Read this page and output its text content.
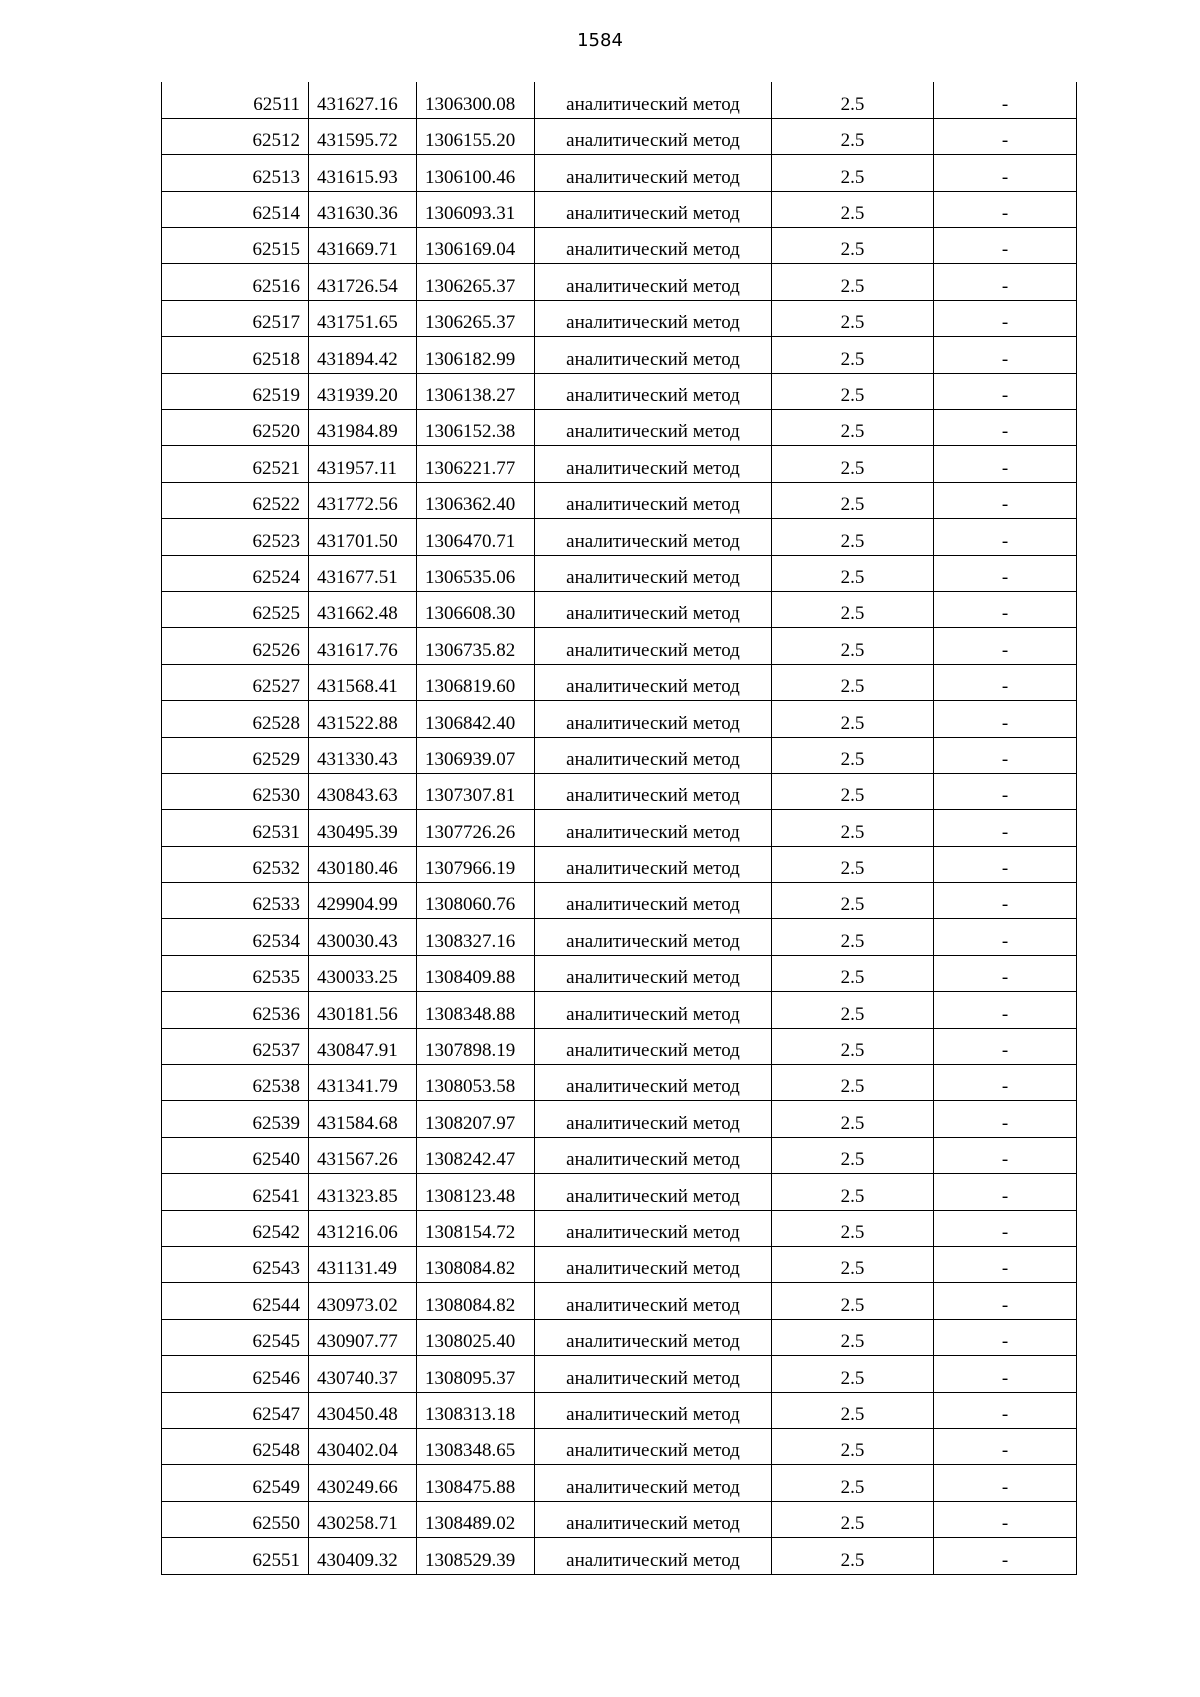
1584
62511	431627.16	1306300.08	аналитический метод	2.5	-
62512	431595.72	1306155.20	аналитический метод	2.5	-
62513	431615.93	1306100.46	аналитический метод	2.5	-
62514	431630.36	1306093.31	аналитический метод	2.5	-
62515	431669.71	1306169.04	аналитический метод	2.5	-
62516	431726.54	1306265.37	аналитический метод	2.5	-
62517	431751.65	1306265.37	аналитический метод	2.5	-
62518	431894.42	1306182.99	аналитический метод	2.5	-
62519	431939.20	1306138.27	аналитический метод	2.5	-
62520	431984.89	1306152.38	аналитический метод	2.5	-
62521	431957.11	1306221.77	аналитический метод	2.5	-
62522	431772.56	1306362.40	аналитический метод	2.5	-
62523	431701.50	1306470.71	аналитический метод	2.5	-
62524	431677.51	1306535.06	аналитический метод	2.5	-
62525	431662.48	1306608.30	аналитический метод	2.5	-
62526	431617.76	1306735.82	аналитический метод	2.5	-
62527	431568.41	1306819.60	аналитический метод	2.5	-
62528	431522.88	1306842.40	аналитический метод	2.5	-
62529	431330.43	1306939.07	аналитический метод	2.5	-
62530	430843.63	1307307.81	аналитический метод	2.5	-
62531	430495.39	1307726.26	аналитический метод	2.5	-
62532	430180.46	1307966.19	аналитический метод	2.5	-
62533	429904.99	1308060.76	аналитический метод	2.5	-
62534	430030.43	1308327.16	аналитический метод	2.5	-
62535	430033.25	1308409.88	аналитический метод	2.5	-
62536	430181.56	1308348.88	аналитический метод	2.5	-
62537	430847.91	1307898.19	аналитический метод	2.5	-
62538	431341.79	1308053.58	аналитический метод	2.5	-
62539	431584.68	1308207.97	аналитический метод	2.5	-
62540	431567.26	1308242.47	аналитический метод	2.5	-
62541	431323.85	1308123.48	аналитический метод	2.5	-
62542	431216.06	1308154.72	аналитический метод	2.5	-
62543	431131.49	1308084.82	аналитический метод	2.5	-
62544	430973.02	1308084.82	аналитический метод	2.5	-
62545	430907.77	1308025.40	аналитический метод	2.5	-
62546	430740.37	1308095.37	аналитический метод	2.5	-
62547	430450.48	1308313.18	аналитический метод	2.5	-
62548	430402.04	1308348.65	аналитический метод	2.5	-
62549	430249.66	1308475.88	аналитический метод	2.5	-
62550	430258.71	1308489.02	аналитический метод	2.5	-
62551	430409.32	1308529.39	аналитический метод	2.5	-
